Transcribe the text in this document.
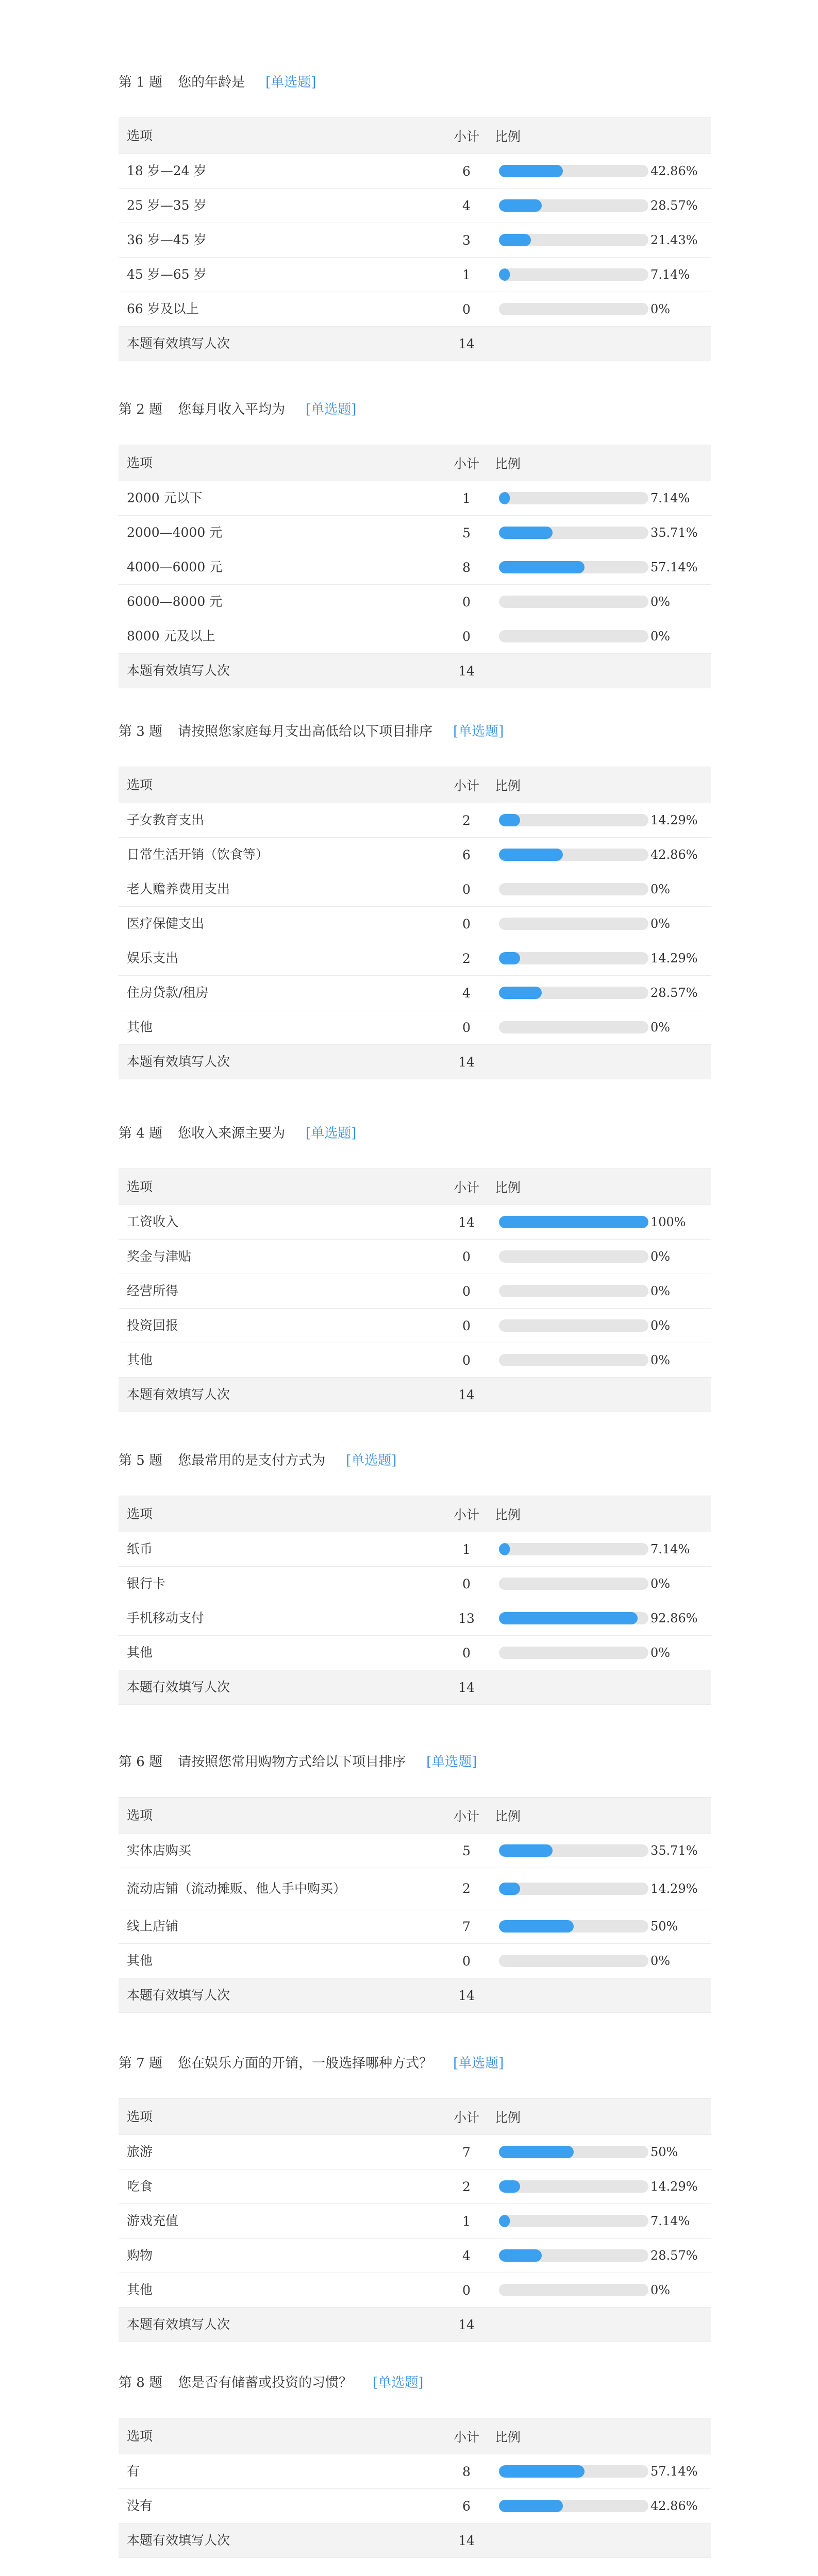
第 1 题 您的年龄是 [单选题]
选项	小计	比例
18 岁—24 岁	6	42.86%
25 岁—35 岁	4	28.57%
36 岁—45 岁	3	21.43%
45 岁—65 岁	1	7.14%
66 岁及以上	0	0%
本题有效填写人次	14
第 2 题 您每月收入平均为 [单选题]
选项	小计	比例
2000 元以下	1	7.14%
2000—4000 元	5	35.71%
4000—6000 元	8	57.14%
6000—8000 元	0	0%
8000 元及以上	0	0%
本题有效填写人次	14
第 3 题 请按照您家庭每月支出高低给以下项目排序 [单选题]
选项	小计	比例
子女教育支出	2	14.29%
日常生活开销（饮食等）	6	42.86%
老人赡养费用支出	0	0%
医疗保健支出	0	0%
娱乐支出	2	14.29%
住房贷款/租房	4	28.57%
其他	0	0%
本题有效填写人次	14
第 4 题 您收入来源主要为 [单选题]
选项	小计	比例
工资收入	14	100%
奖金与津贴	0	0%
经营所得	0	0%
投资回报	0	0%
其他	0	0%
本题有效填写人次	14
第 5 题 您最常用的是支付方式为 [单选题]
选项	小计	比例
纸币	1	7.14%
银行卡	0	0%
手机移动支付	13	92.86%
其他	0	0%
本题有效填写人次	14
第 6 题 请按照您常用购物方式给以下项目排序 [单选题]
选项	小计	比例
实体店购买	5	35.71%
流动店铺（流动摊贩、他人手中购买）	2	14.29%
线上店铺	7	50%
其他	0	0%
本题有效填写人次	14
第 7 题 您在娱乐方面的开销，一般选择哪种方式？ [单选题]
选项	小计	比例
旅游	7	50%
吃食	2	14.29%
游戏充值	1	7.14%
购物	4	28.57%
其他	0	0%
本题有效填写人次	14
第 8 题 您是否有储蓄或投资的习惯？ [单选题]
选项	小计	比例
有	8	57.14%
没有	6	42.86%
本题有效填写人次	14
